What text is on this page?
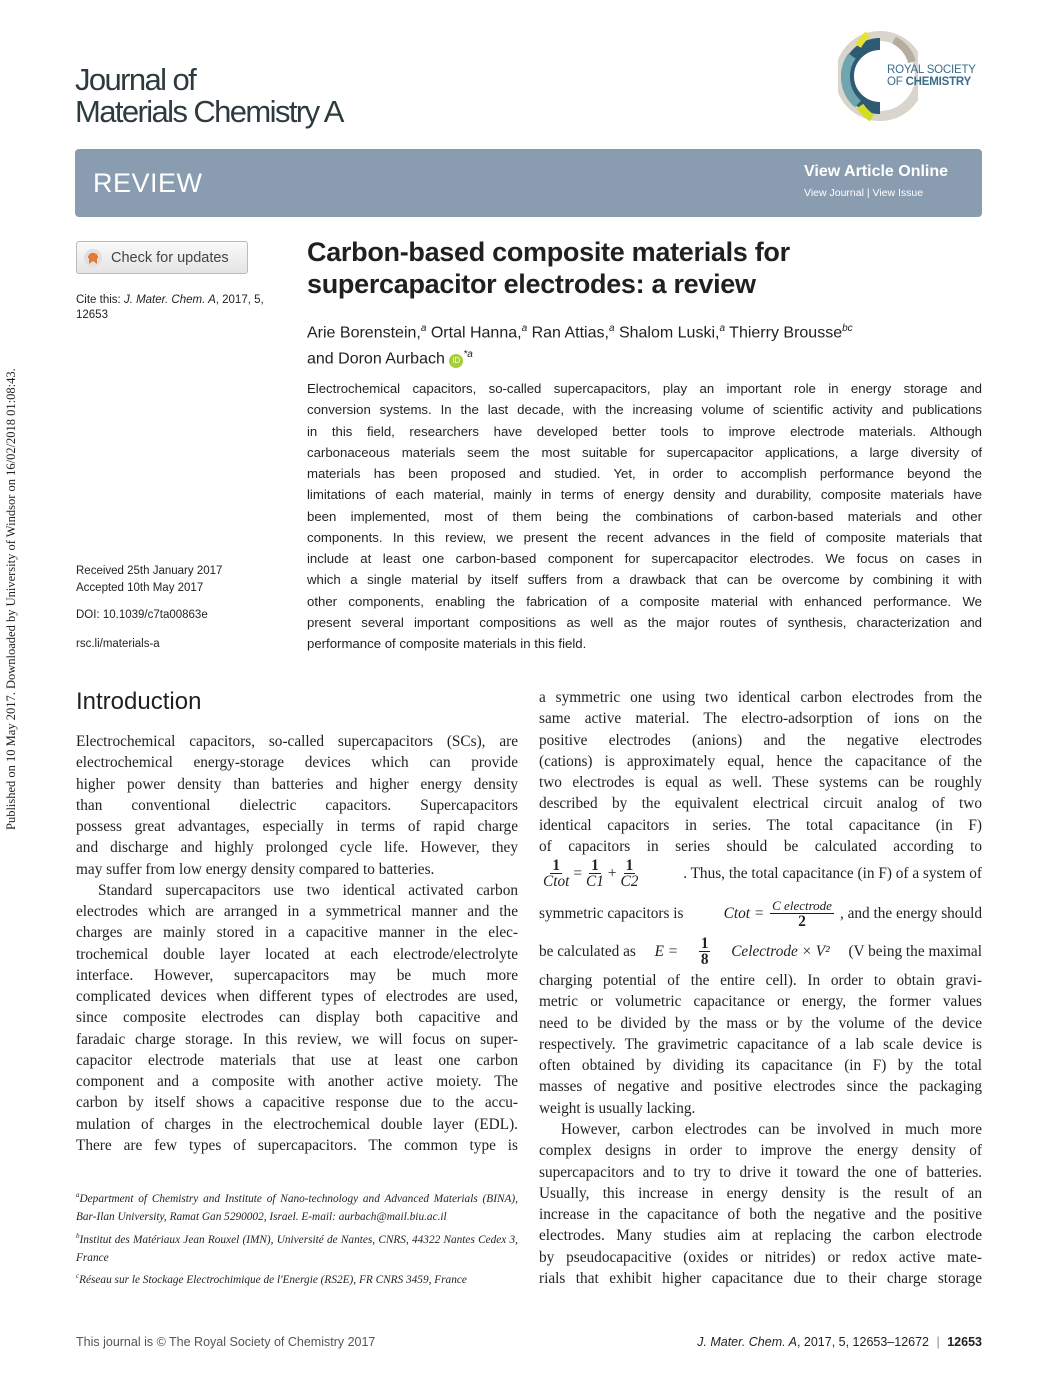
Published on 10 May 2017. Downloaded by University of Windsor on 16/02/2018 01:08:43.
Journal of
Materials Chemistry A
ROYAL SOCIETY
OF CHEMISTRY
REVIEW	View Article Online
View Journal | View Issue
Check for updates
Cite this: J. Mater. Chem. A, 2017, 5,
12653
Received 25th January 2017
Accepted 10th May 2017
DOI: 10.1039/c7ta00863e
rsc.li/materials-a
Carbon-based composite materials for
supercapacitor electrodes: a review
Arie Borenstein,$^a$ Ortal Hanna,$^a$ Ran Attias,$^a$ Shalom Luski,$^a$ Thierry Brousse$^{bc}$
and Doron Aurbach iD $^{*a}$
Electrochemical capacitors, so-called supercapacitors, play an important role in energy storage and
conversion systems. In the last decade, with the increasing volume of scientific activity and publications
in this field, researchers have developed better tools to improve electrode materials. Although
carbonaceous materials seem the most suitable for supercapacitor applications, a large diversity of
materials has been proposed and studied. Yet, in order to accomplish performance beyond the
limitations of each material, mainly in terms of energy density and durability, composite materials have
been implemented, most of them being the combinations of carbon-based materials and other
components. In this review, we present the recent advances in the field of composite materials that
include at least one carbon-based component for supercapacitor electrodes. We focus on cases in
which a single material by itself suffers from a drawback that can be overcome by combining it with
other components, enabling the fabrication of a composite material with enhanced performance. We
present several important compositions as well as the major routes of synthesis, characterization and
performance of composite materials in this field.
Introduction
Electrochemical capacitors, so-called supercapacitors (SCs), are
electrochemical energy-storage devices which can provide
higher power density than batteries and higher energy density
than conventional dielectric capacitors. Supercapacitors
possess great advantages, especially in terms of rapid charge
and discharge and highly prolonged cycle life. However, they
may suffer from low energy density compared to batteries.
Standard supercapacitors use two identical activated carbon
electrodes which are arranged in a symmetrical manner and the
charges are mainly stored in a capacitive manner in the elec-
trochemical double layer located at each electrode/electrolyte
interface. However, supercapacitors may be much more
complicated devices when different types of electrodes are used,
since composite electrodes can display both capacitive and
faradaic charge storage. In this review, we will focus on super-
capacitor electrode materials that use at least one carbon
component and a composite with another active moiety. The
carbon by itself shows a capacitive response due to the accu-
mulation of charges in the electrochemical double layer (EDL).
There are few types of supercapacitors. The common type is
a symmetric one using two identical carbon electrodes from the
same active material. The electro-adsorption of ions on the
positive electrodes (anions) and the negative electrodes
(cations) is approximately equal, hence the capacitance of the
two electrodes is equal as well. These systems can be roughly
described by the equivalent electrical circuit analog of two
identical capacitors in series. The total capacitance (in F)
of capacitors in series should be calculated according to
$\frac{1}{\text{Ctot}} = \frac{1}{C1} + \frac{1}{C2}$	. Thus, the total capacitance (in F) of a system of
symmetric capacitors is	Ctot = $\frac{\text{C electrode}}{2}$ , and the energy should
be calculated as $E = \frac{1}{8}$ Celectrode × V² (V being the maximal
charging potential of the entire cell). In order to obtain gravi-
metric or volumetric capacitance or energy, the former values
need to be divided by the mass or by the volume of the device
respectively. The gravimetric capacitance of a lab scale device is
often obtained by dividing its capacitance (in F) by the total
masses of negative and positive electrodes since the packaging
weight is usually lacking.
However, carbon electrodes can be involved in much more
complex designs in order to improve the energy density of
supercapacitors and to try to drive it toward the one of batteries.
Usually, this increase in energy density is the result of an
increase in the capacitance of both the negative and the positive
electrodes. Many studies aim at replacing the carbon electrode
by pseudocapacitive (oxides or nitrides) or redox active mate-
rials that exhibit higher capacitance due to their charge storage
$^a$Department of Chemistry and Institute of Nano-technology and Advanced Materials (BINA), Bar-Ilan University, Ramat Gan 5290002, Israel. E-mail: aurbach@mail.biu.ac.il
$^b$Institut des Matériaux Jean Rouxel (IMN), Université de Nantes, CNRS, 44322 Nantes Cedex 3, France
$^c$Réseau sur le Stockage Electrochimique de l'Energie (RS2E), FR CNRS 3459, France
This journal is © The Royal Society of Chemistry 2017	J. Mater. Chem. A, 2017, 5, 12653–12672 | 12653
